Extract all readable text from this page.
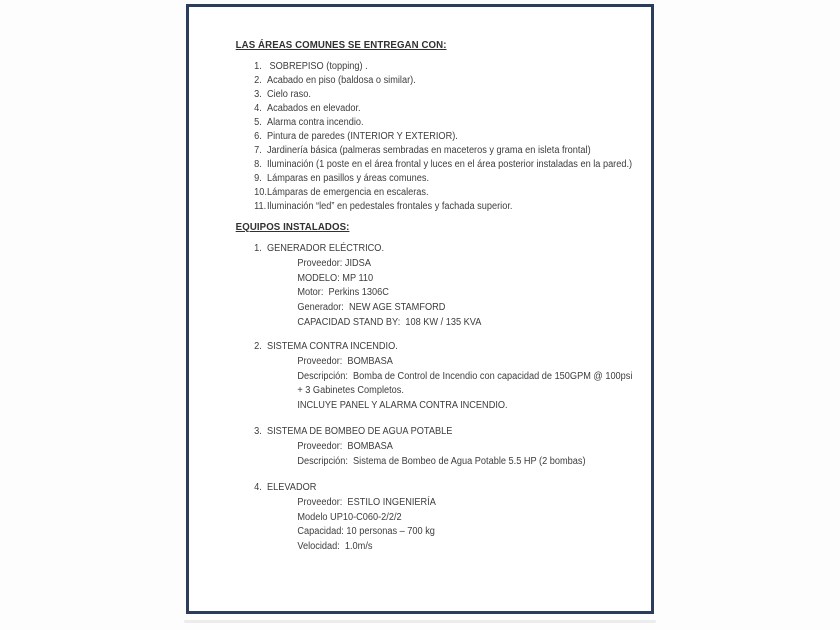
LAS ÁREAS COMUNES SE ENTREGAN CON:
1. SOBREPISO (topping) .
2. Acabado en piso (baldosa o similar).
3. Cielo raso.
4. Acabados en elevador.
5. Alarma contra incendio.
6. Pintura de paredes (INTERIOR Y EXTERIOR).
7. Jardinería básica (palmeras sembradas en maceteros y grama en isleta frontal)
8. Iluminación (1 poste en el área frontal y luces en el área posterior instaladas en la pared.)
9. Lámparas en pasillos y áreas comunes.
10. Lámparas de emergencia en escaleras.
11. Iluminación “led” en pedestales frontales y fachada superior.
EQUIPOS INSTALADOS:
1. GENERADOR ELÉCTRICO.
Proveedor: JIDSA
MODELO: MP 110
Motor:  Perkins 1306C
Generador:  NEW AGE STAMFORD
CAPACIDAD STAND BY:  108 KW / 135 KVA
2. SISTEMA CONTRA INCENDIO.
Proveedor:  BOMBASA
Descripción:  Bomba de Control de Incendio con capacidad de 150GPM @ 100psi
+ 3 Gabinetes Completos.
INCLUYE PANEL Y ALARMA CONTRA INCENDIO.
3. SISTEMA DE BOMBEO DE AGUA POTABLE
Proveedor:  BOMBASA
Descripción:  Sistema de Bombeo de Agua Potable 5.5 HP (2 bombas)
4. ELEVADOR
Proveedor:  ESTILO INGENIERÍA
Modelo UP10-C060-2/2/2
Capacidad: 10 personas – 700 kg
Velocidad:  1.0m/s
